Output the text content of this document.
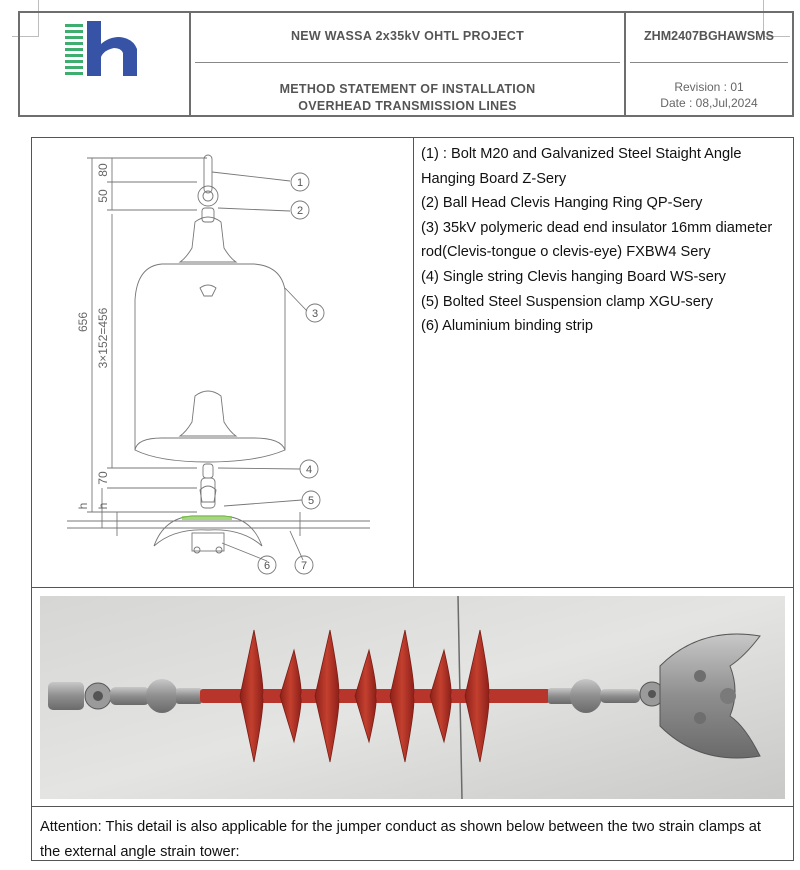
NEW WASSA 2x35kV OHTL PROJECT
METHOD STATEMENT OF INSTALLATION
OVERHEAD TRANSMISSION LINES
ZHM2407BGHAWSMS
Revision : 01
Date : 08,Jul,2024
80
50
656 3×152=456
70
h h
1
2
3
4
5
6	7
(1) : Bolt M20 and Galvanized Steel Staight Angle Hanging Board Z-Sery
(2) Ball Head Clevis Hanging Ring QP-Sery
(3) 35kV polymeric dead end insulator 16mm diameter rod(Clevis-tongue o clevis-eye) FXBW4 Sery
(4) Single string Clevis hanging Board WS-sery
(5) Bolted Steel Suspension clamp XGU-sery
(6) Aluminium binding strip
Attention: This detail is also applicable for the jumper conduct as shown below between the two strain clamps at the external angle strain tower:
